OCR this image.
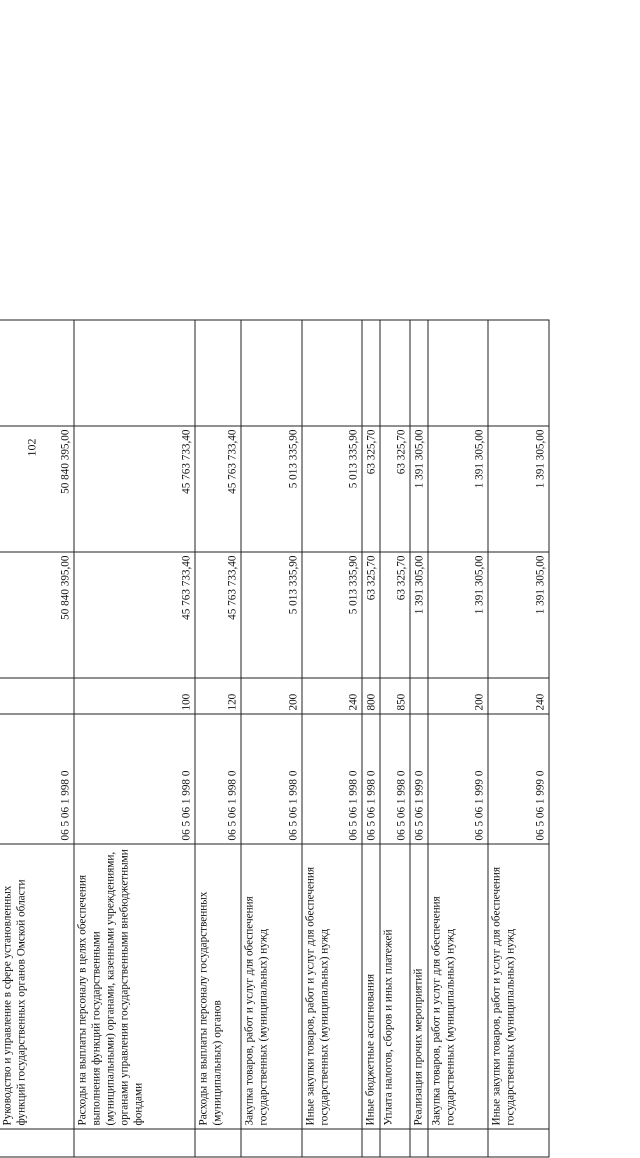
102

	Руководство и управление в сфере установленных функций государственных органов Омской области	06 5 06 1 998 0		50 840 395,00	50 840 395,00	
	Расходы на выплаты персоналу в целях обеспечения выполнения функций государственными (муниципальными) органами, казенными учреждениями, органами управления государственными внебюджетными фондами	06 5 06 1 998 0	100	45 763 733,40	45 763 733,40	
	Расходы на выплаты персоналу государственных (муниципальных) органов	06 5 06 1 998 0	120	45 763 733,40	45 763 733,40	
	Закупка товаров, работ и услуг для обеспечения государственных (муниципальных) нужд	06 5 06 1 998 0	200	5 013 335,90	5 013 335,90	
	Иные закупки товаров, работ и услуг для обеспечения государственных (муниципальных) нужд	06 5 06 1 998 0	240	5 013 335,90	5 013 335,90	
	Иные бюджетные ассигнования	06 5 06 1 998 0	800	63 325,70	63 325,70	
	Уплата налогов, сборов и иных платежей	06 5 06 1 998 0	850	63 325,70	63 325,70	
	Реализация прочих мероприятий	06 5 06 1 999 0		1 391 305,00	1 391 305,00	
	Закупка товаров, работ и услуг для обеспечения государственных (муниципальных) нужд	06 5 06 1 999 0	200	1 391 305,00	1 391 305,00	
	Иные закупки товаров, работ и услуг для обеспечения государственных (муниципальных) нужд	06 5 06 1 999 0	240	1 391 305,00	1 391 305,00	
